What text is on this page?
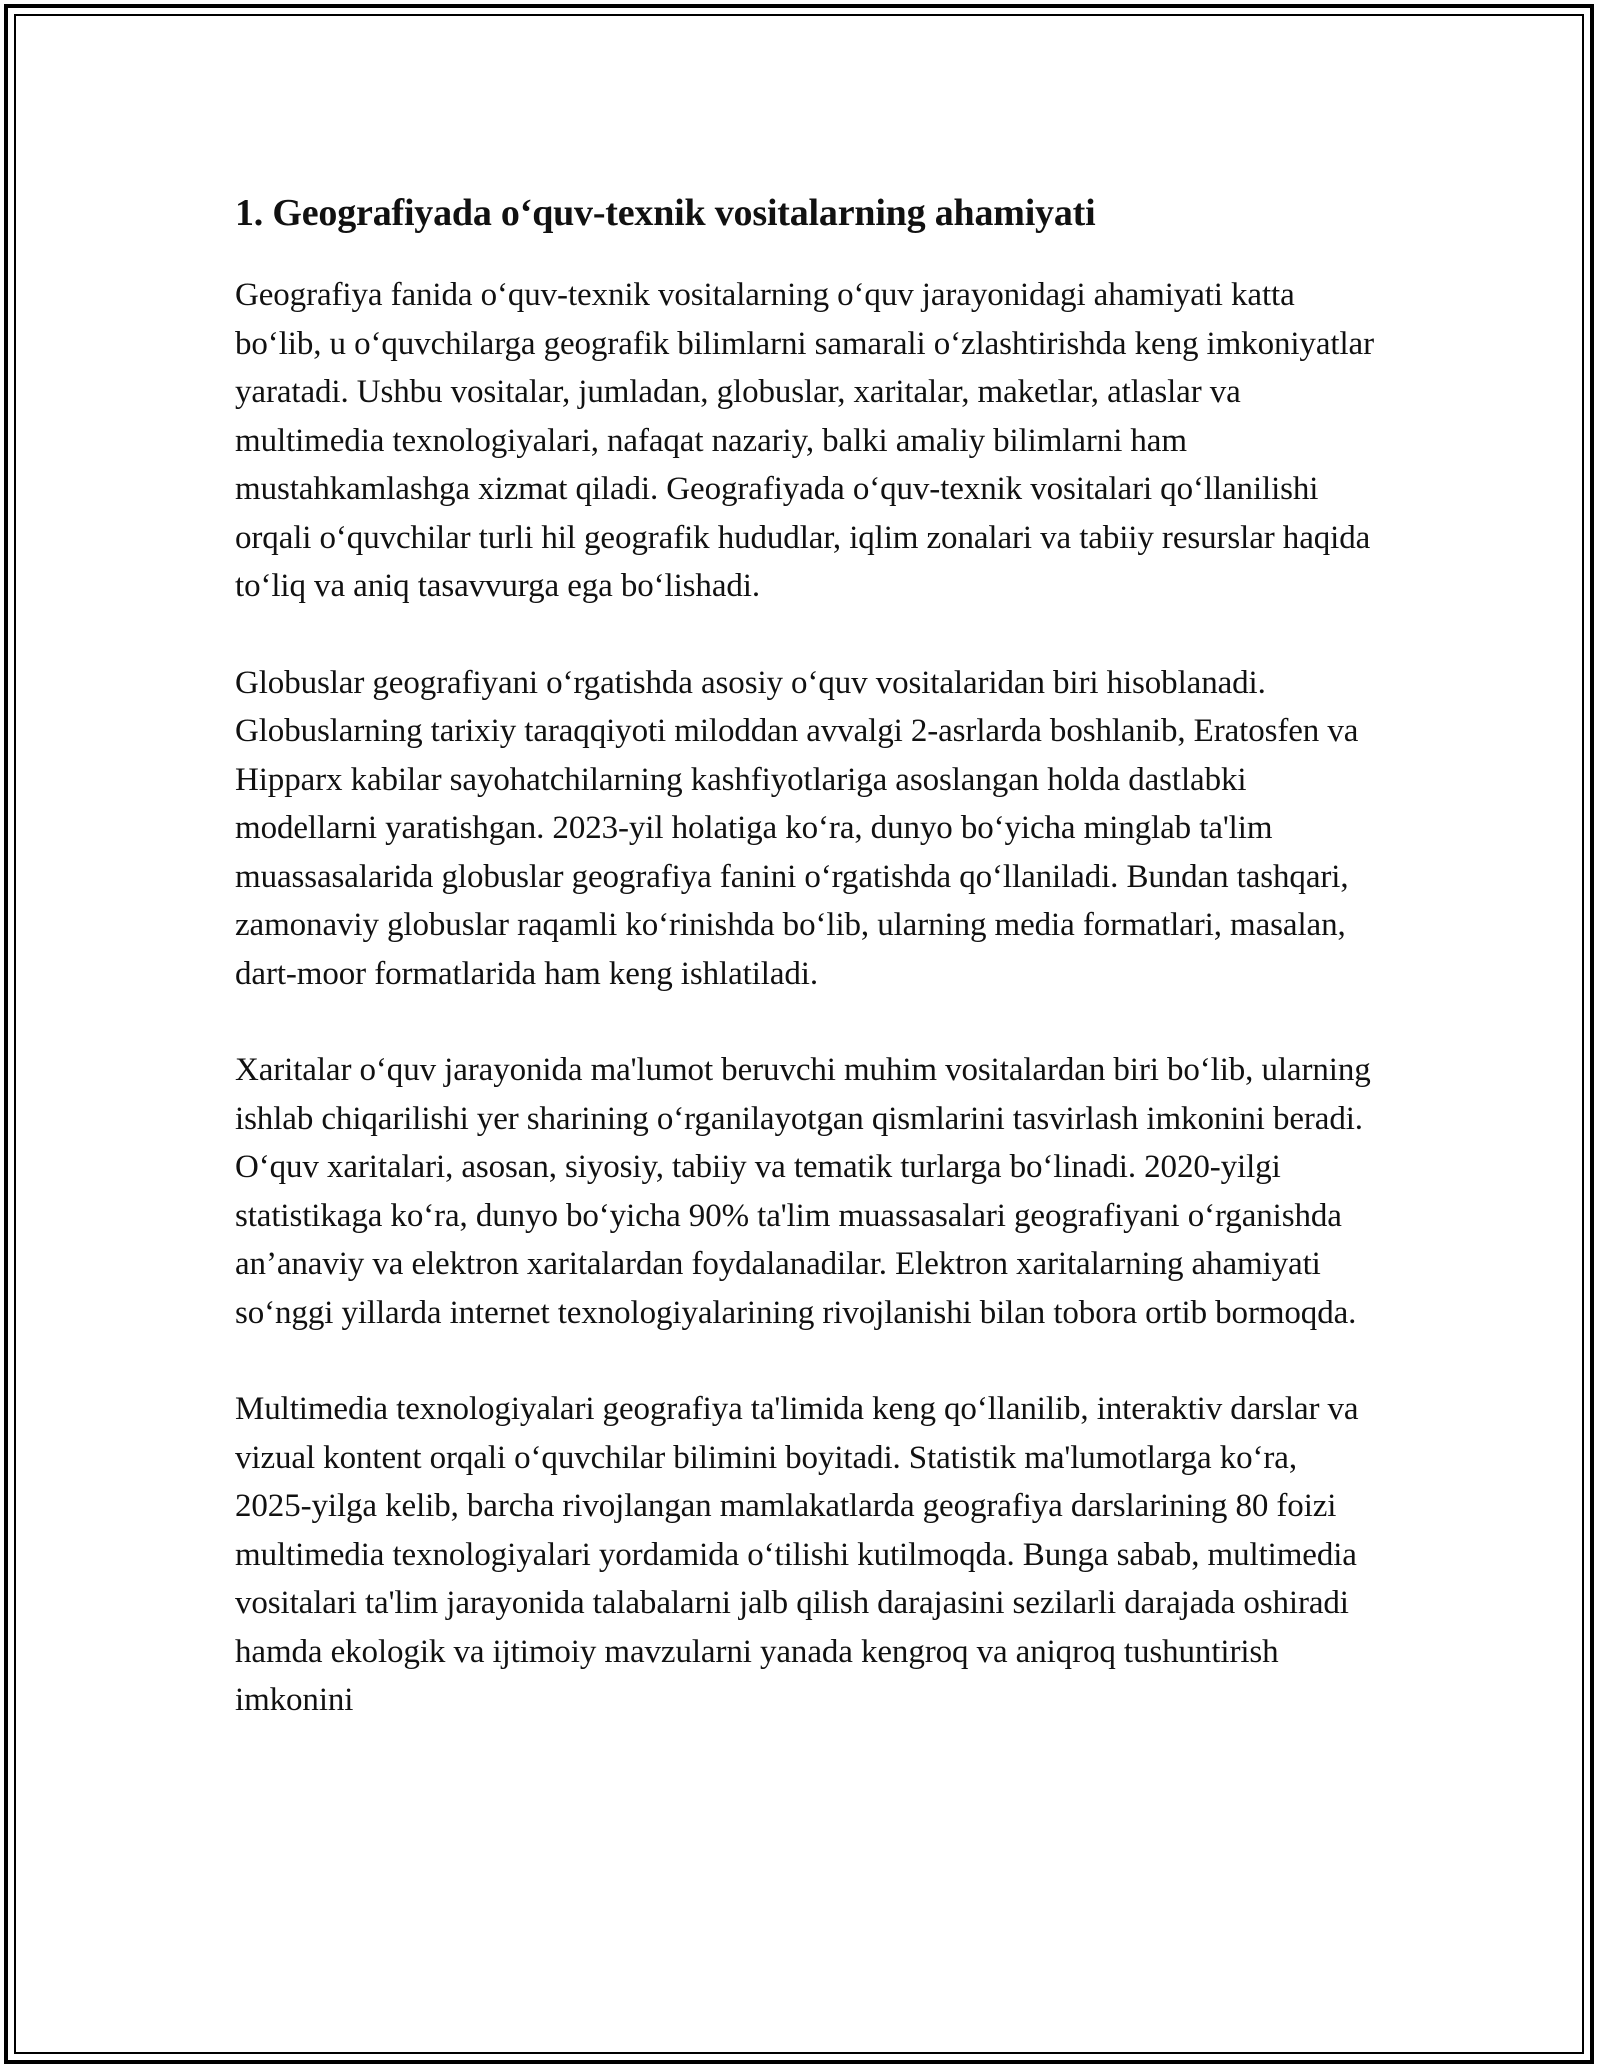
1. Geografiyada o‘quv-texnik vositalarning ahamiyati

Geografiya fanida o‘quv-texnik vositalarning o‘quv jarayonidagi ahamiyati katta bo‘lib, u o‘quvchilarga geografik bilimlarni samarali o‘zlashtirishda keng imkoniyatlar yaratadi. Ushbu vositalar, jumladan, globuslar, xaritalar, maketlar, atlaslar va multimedia texnologiyalari, nafaqat nazariy, balki amaliy bilimlarni ham mustahkamlashga xizmat qiladi. Geografiyada o‘quv-texnik vositalari qo‘llanilishi orqali o‘quvchilar turli hil geografik hududlar, iqlim zonalari va tabiiy resurslar haqida to‘liq va aniq tasavvurga ega bo‘lishadi.

Globuslar geografiyani o‘rgatishda asosiy o‘quv vositalaridan biri hisoblanadi. Globuslarning tarixiy taraqqiyoti miloddan avvalgi 2-asrlarda boshlanib, Eratosfen va Hipparx kabilar sayohatchilarning kashfiyotlariga asoslangan holda dastlabki modellarni yaratishgan. 2023-yil holatiga ko‘ra, dunyo bo‘yicha minglab ta'lim muassasalarida globuslar geografiya fanini o‘rgatishda qo‘llaniladi. Bundan tashqari, zamonaviy globuslar raqamli ko‘rinishda bo‘lib, ularning media formatlari, masalan, dart-moor formatlarida ham keng ishlatiladi.

Xaritalar o‘quv jarayonida ma'lumot beruvchi muhim vositalardan biri bo‘lib, ularning ishlab chiqarilishi yer sharining o‘rganilayotgan qismlarini tasvirlash imkonini beradi. O‘quv xaritalari, asosan, siyosiy, tabiiy va tematik turlarga bo‘linadi. 2020-yilgi statistikaga ko‘ra, dunyo bo‘yicha 90% ta'lim muassasalari geografiyani o‘rganishda an’anaviy va elektron xaritalardan foydalanadilar. Elektron xaritalarning ahamiyati so‘nggi yillarda internet texnologiyalarining rivojlanishi bilan tobora ortib bormoqda.

Multimedia texnologiyalari geografiya ta'limida keng qo‘llanilib, interaktiv darslar va vizual kontent orqali o‘quvchilar bilimini boyitadi. Statistik ma'lumotlarga ko‘ra, 2025-yilga kelib, barcha rivojlangan mamlakatlarda geografiya darslarining 80 foizi multimedia texnologiyalari yordamida o‘tilishi kutilmoqda. Bunga sabab, multimedia vositalari ta'lim jarayonida talabalarni jalb qilish darajasini sezilarli darajada oshiradi hamda ekologik va ijtimoiy mavzularni yanada kengroq va aniqroq tushuntirish imkonini
